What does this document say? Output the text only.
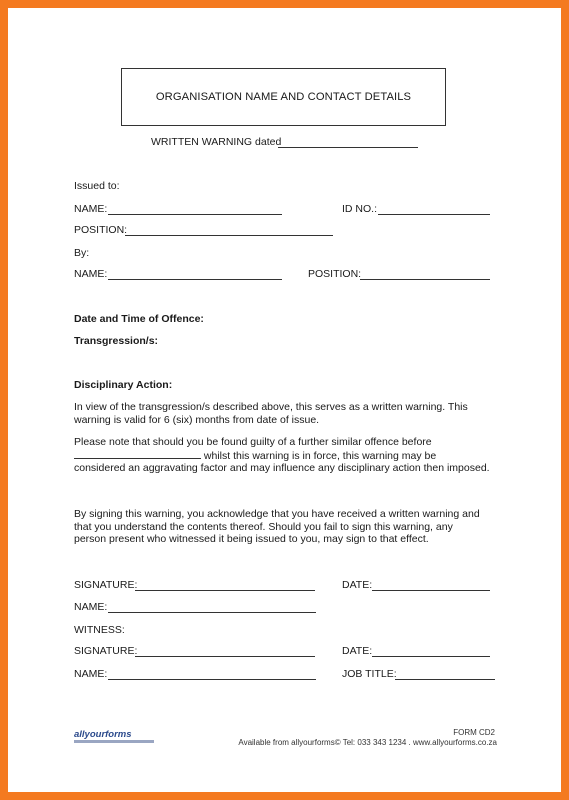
ORGANISATION NAME AND CONTACT DETAILS
WRITTEN WARNING dated
Issued to:
NAME:	ID NO.:
POSITION:
By:
NAME:	POSITION:
Date and Time of Offence:
Transgression/s:
Disciplinary Action:
In view of the transgression/s described above, this serves as a written warning. This
warning is valid for 6 (six) months from date of issue.
Please note that should you be found guilty of a further similar offence before
whilst this warning is in force, this warning may be
considered an aggravating factor and may influence any disciplinary action then imposed.
By signing this warning, you acknowledge that you have received a written warning and
that you understand the contents thereof. Should you fail to sign this warning, any
person present who witnessed it being issued to you, may sign to that effect.
SIGNATURE:	DATE:
NAME:
WITNESS:
SIGNATURE:	DATE:
NAME:	JOB TITLE:
allyourforms	FORM CD2
Available from allyourforms© Tel: 033 343 1234 . www.allyourforms.co.za
